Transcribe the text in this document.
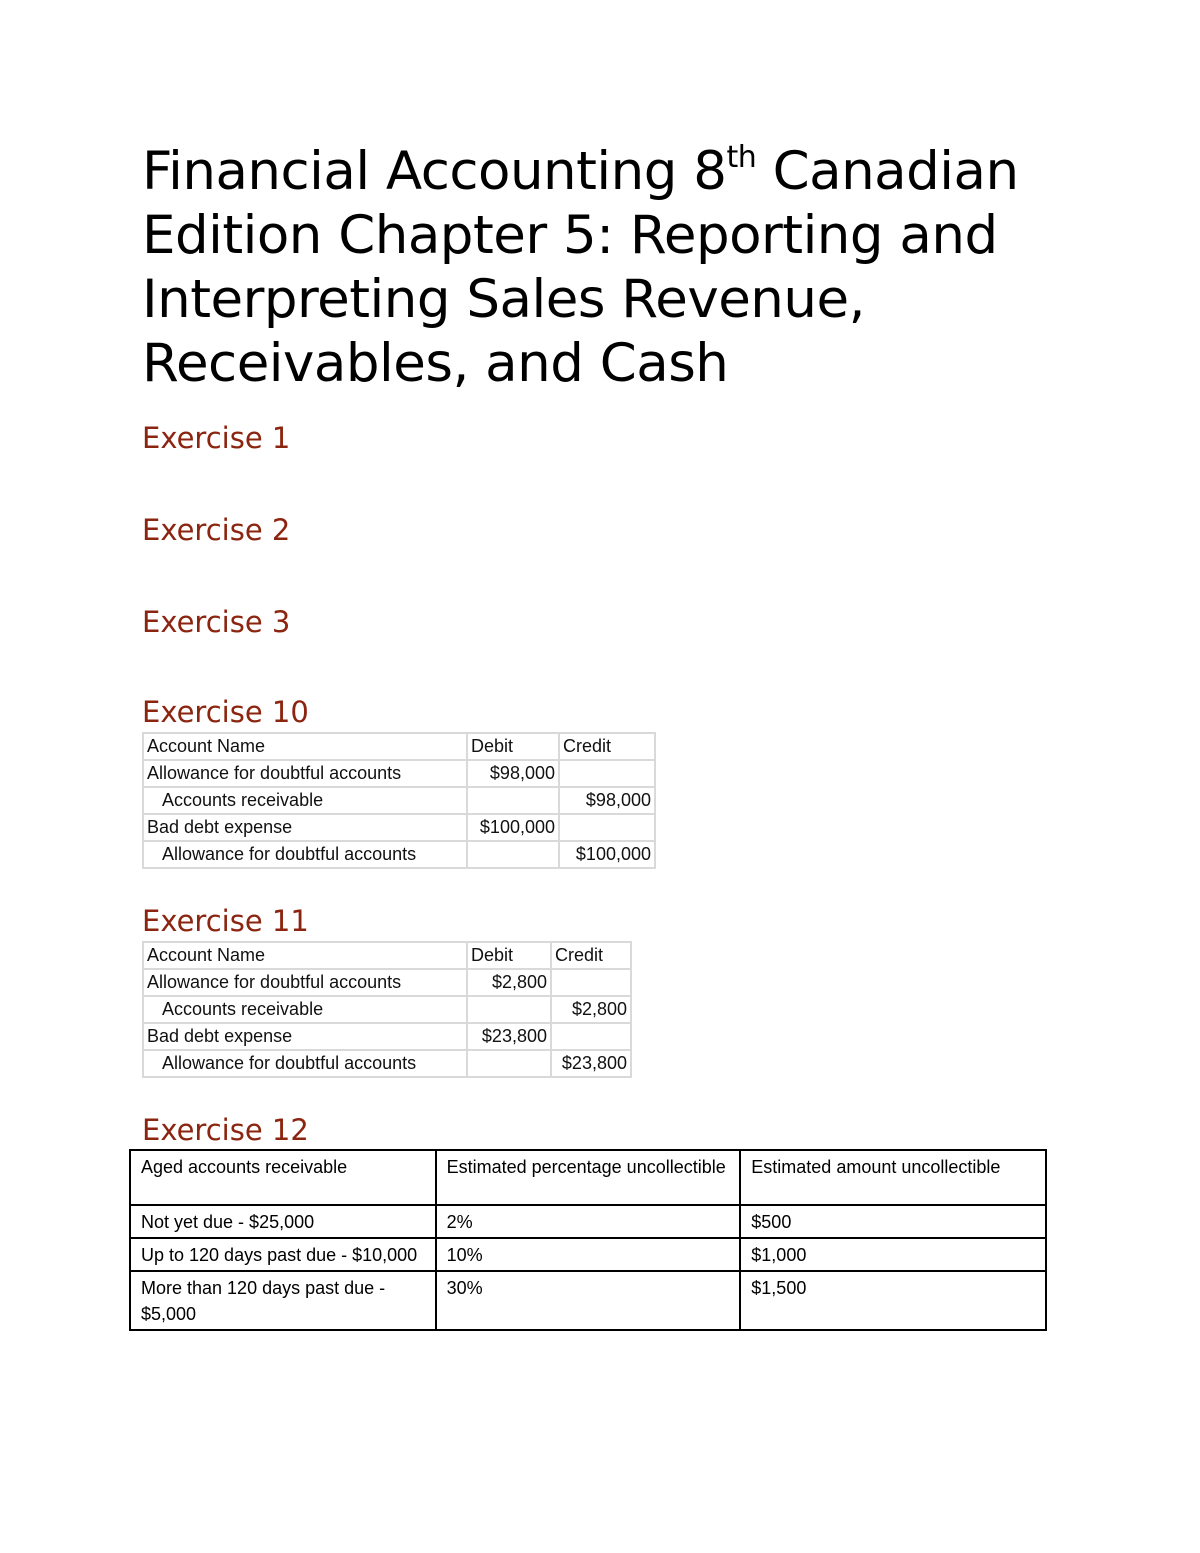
Financial Accounting 8th Canadian Edition Chapter 5: Reporting and Interpreting Sales Revenue, Receivables, and Cash
Exercise 1
Exercise 2
Exercise 3
Exercise 10
Account Name	Debit	Credit
Allowance for doubtful accounts	$98,000	
Accounts receivable		$98,000
Bad debt expense	$100,000	
Allowance for doubtful accounts		$100,000
Exercise 11
Account Name	Debit	Credit
Allowance for doubtful accounts	$2,800	
Accounts receivable		$2,800
Bad debt expense	$23,800	
Allowance for doubtful accounts		$23,800
Exercise 12
Aged accounts receivable	Estimated percentage uncollectible	Estimated amount uncollectible
Not yet due - $25,000	2%	$500
Up to 120 days past due - $10,000	10%	$1,000
More than 120 days past due - $5,000	30%	$1,500
